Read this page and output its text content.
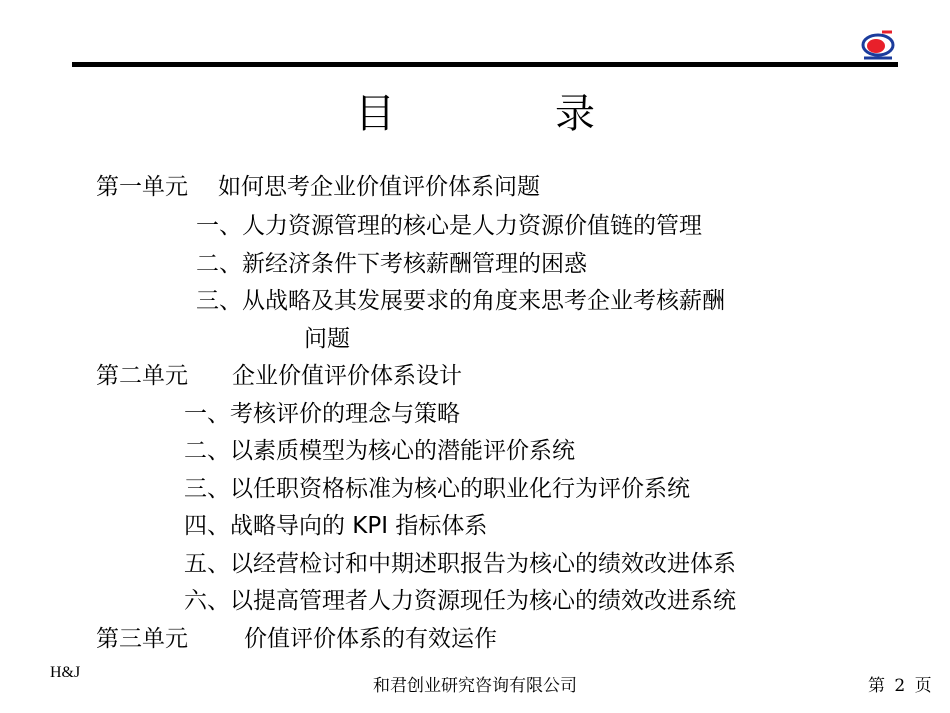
目录
第一单元 如何思考企业价值评价体系问题
一、人力资源管理的核心是人力资源价值链的管理
二、新经济条件下考核薪酬管理的困惑
三、从战略及其发展要求的角度来思考企业考核薪酬
问题
第二单元 企业价值评价体系设计
一、考核评价的理念与策略
二、以素质模型为核心的潜能评价系统
三、以任职资格标准为核心的职业化行为评价系统
四、战略导向的 KPI 指标体系
五、以经营检讨和中期述职报告为核心的绩效改进体系
六、以提高管理者人力资源现任为核心的绩效改进系统
第三单元 价值评价体系的有效运作
H&J
和君创业研究咨询有限公司	第 2 页
